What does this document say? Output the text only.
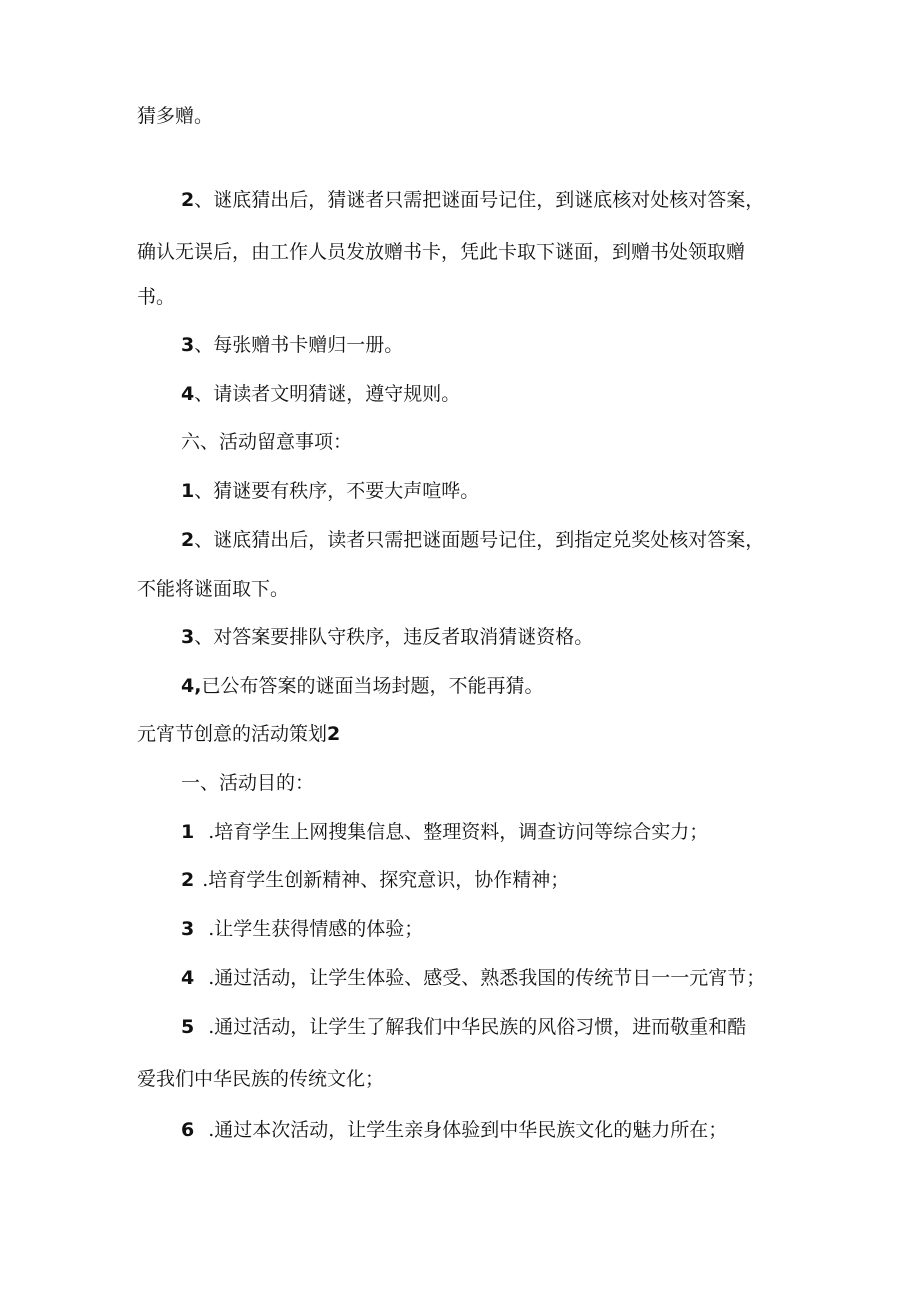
猜多赠。
2、谜底猜出后，猜谜者只需把谜面号记住，到谜底核对处核对答案，
确认无误后，由工作人员发放赠书卡，凭此卡取下谜面，到赠书处领取赠
书。
3、每张赠书卡赠归一册。
4、请读者文明猜谜，遵守规则。
六、活动留意事项：
1、猜谜要有秩序，不要大声喧哗。
2、谜底猜出后，读者只需把谜面题号记住，到指定兑奖处核对答案，
不能将谜面取下。
3、对答案要排队守秩序，违反者取消猜谜资格。
4,已公布答案的谜面当场封题，不能再猜。
元宵节创意的活动策划2
一、活动目的：
1 .培育学生上网搜集信息、整理资料，调查访问等综合实力；
2 .培育学生创新精神、探究意识，协作精神；
3 .让学生获得情感的体验；
4 .通过活动，让学生体验、感受、熟悉我国的传统节日一一元宵节；
5 .通过活动，让学生了解我们中华民族的风俗习惯，进而敬重和酷
爱我们中华民族的传统文化；
6 .通过本次活动，让学生亲身体验到中华民族文化的魅力所在；
